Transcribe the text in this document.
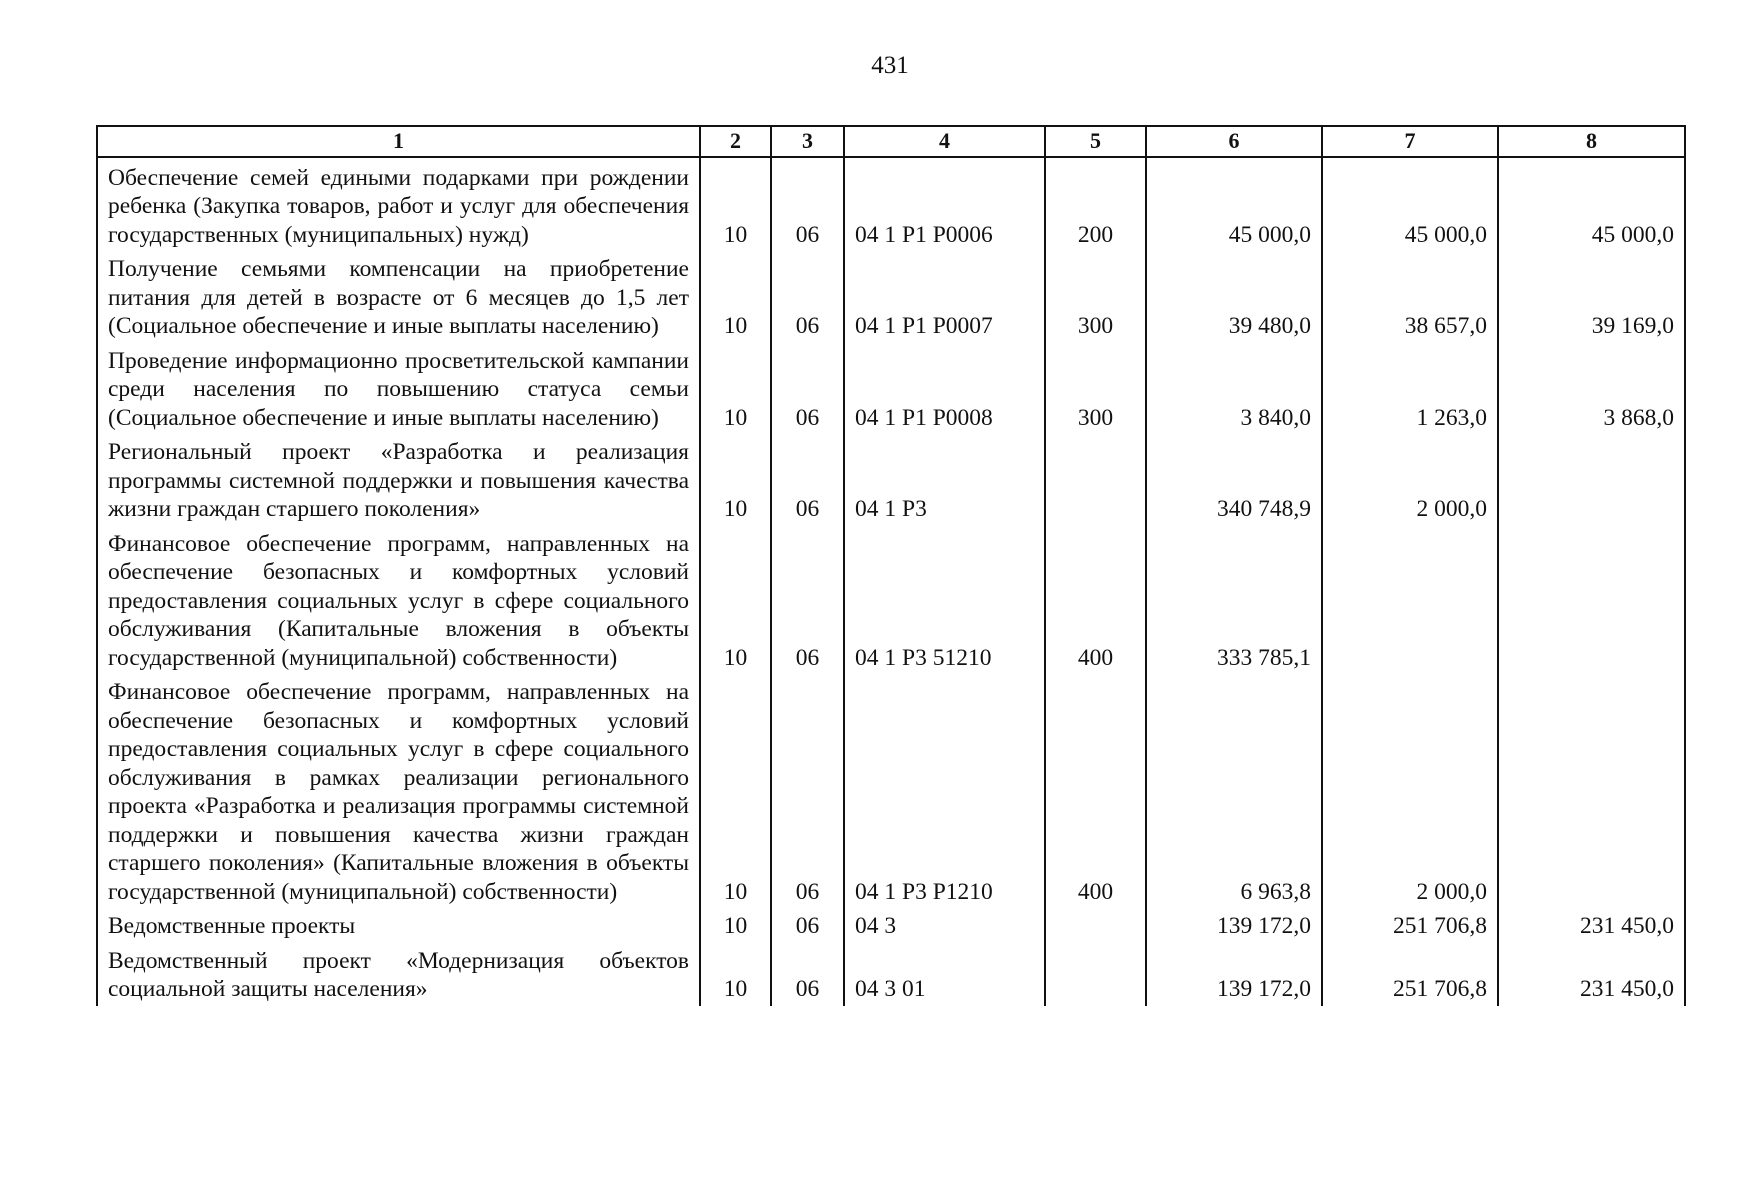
431
1	2	3	4	5	6	7	8
Обеспечение семей едиными подарками при рождении ребенка (Закупка товаров, работ и услуг для обеспечения государственных (муниципальных) нужд)	10	06	04 1 P1 P0006	200	45 000,0	45 000,0	45 000,0
Получение семьями компенсации на приобретение питания для детей в возрасте от 6 месяцев до 1,5 лет (Социальное обеспечение и иные выплаты населению)	10	06	04 1 P1 P0007	300	39 480,0	38 657,0	39 169,0
Проведение информационно просветительской кампании среди населения по повышению статуса семьи (Социальное обеспечение и иные выплаты населению)	10	06	04 1 P1 P0008	300	3 840,0	1 263,0	3 868,0
Региональный проект «Разработка и реализация программы системной поддержки и повышения качества жизни граждан старшего поколения»	10	06	04 1 P3		340 748,9	2 000,0	
Финансовое обеспечение программ, направленных на обеспечение безопасных и комфортных условий предоставления социальных услуг в сфере социального обслуживания (Капитальные вложения в объекты государственной (муниципальной) собственности)	10	06	04 1 P3 51210	400	333 785,1		
Финансовое обеспечение программ, направленных на обеспечение безопасных и комфортных условий предоставления социальных услуг в сфере социального обслуживания в рамках реализации регионального проекта «Разработка и реализация программы системной поддержки и повышения качества жизни граждан старшего поколения» (Капитальные вложения в объекты государственной (муниципальной) собственности)	10	06	04 1 P3 P1210	400	6 963,8	2 000,0	
Ведомственные проекты	10	06	04 3		139 172,0	251 706,8	231 450,0
Ведомственный проект «Модернизация объектов социальной защиты населения»	10	06	04 3 01		139 172,0	251 706,8	231 450,0
